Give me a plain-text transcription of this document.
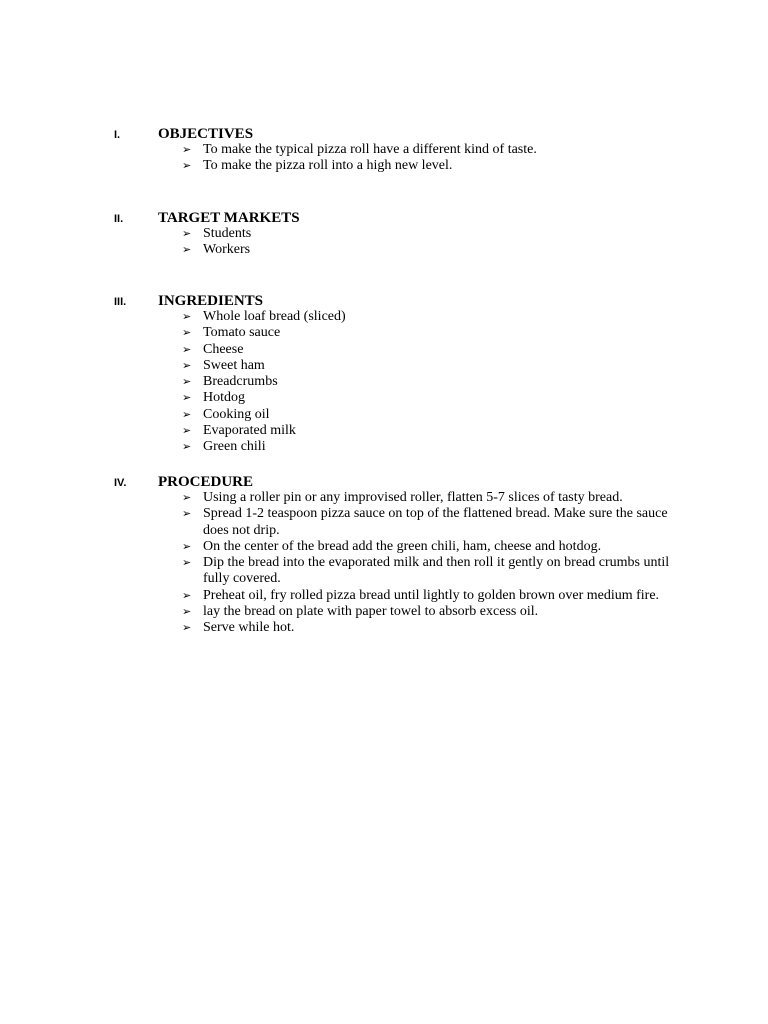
I.	OBJECTIVES
➢ To make the typical pizza roll have a different kind of taste.
➢ To make the pizza roll into a high new level.
II. TARGET MARKETS
➢ Students
➢ Workers
III. INGREDIENTS
➢ Whole loaf bread (sliced)
➢ Tomato sauce
➢ Cheese
➢ Sweet ham
➢ Breadcrumbs
➢ Hotdog
➢ Cooking oil
➢ Evaporated milk
➢ Green chili
IV. PROCEDURE
➢ Using a roller pin or any improvised roller, flatten 5-7 slices of tasty bread.
➢ Spread 1-2 teaspoon pizza sauce on top of the flattened bread. Make sure the sauce does not drip.
➢ On the center of the bread add the green chili, ham, cheese and hotdog.
➢ Dip the bread into the evaporated milk and then roll it gently on bread crumbs until fully covered.
➢ Preheat oil, fry rolled pizza bread until lightly to golden brown over medium fire.
➢ lay the bread on plate with paper towel to absorb excess oil.
➢ Serve while hot.
